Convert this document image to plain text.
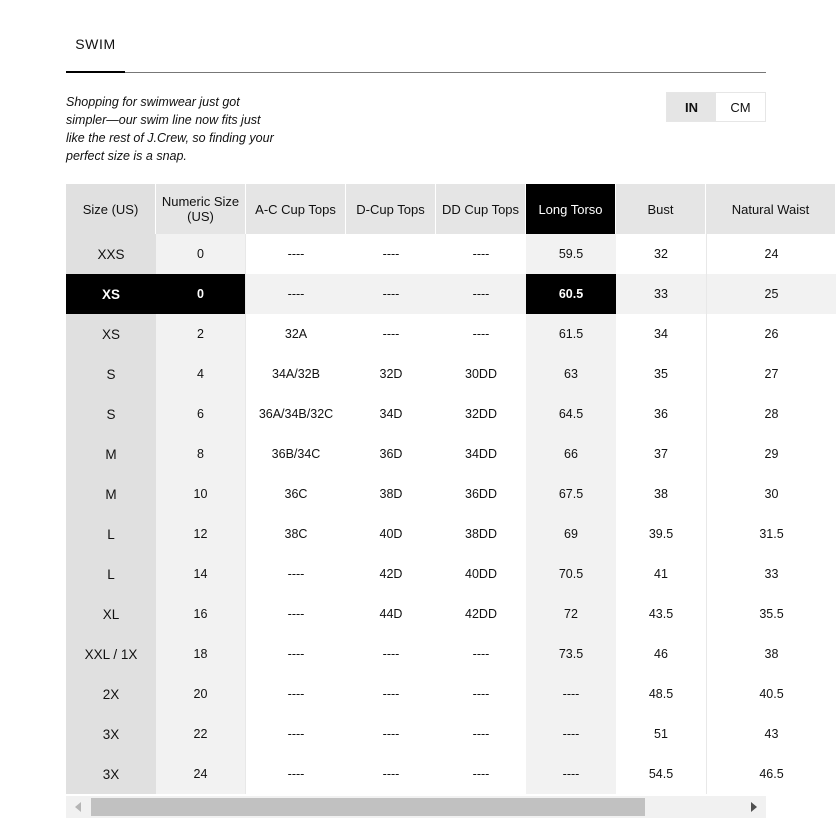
SWIM
Shopping for swimwear just got simpler—our swim line now fits just like the rest of J.Crew, so finding your perfect size is a snap.
IN	CM
Size (US)	Numeric Size (US)	A-C Cup Tops	D-Cup Tops	DD Cup Tops	Long Torso	Bust	Natural Waist
XXS	0	----	----	----	59.5	32	24
XS	0	----	----	----	60.5	33	25
XS	2	32A	----	----	61.5	34	26
S	4	34A/32B	32D	30DD	63	35	27
S	6	36A/34B/32C	34D	32DD	64.5	36	28
M	8	36B/34C	36D	34DD	66	37	29
M	10	36C	38D	36DD	67.5	38	30
L	12	38C	40D	38DD	69	39.5	31.5
L	14	----	42D	40DD	70.5	41	33
XL	16	----	44D	42DD	72	43.5	35.5
XXL / 1X	18	----	----	----	73.5	46	38
2X	20	----	----	----	----	48.5	40.5
3X	22	----	----	----	----	51	43
3X	24	----	----	----	----	54.5	46.5
